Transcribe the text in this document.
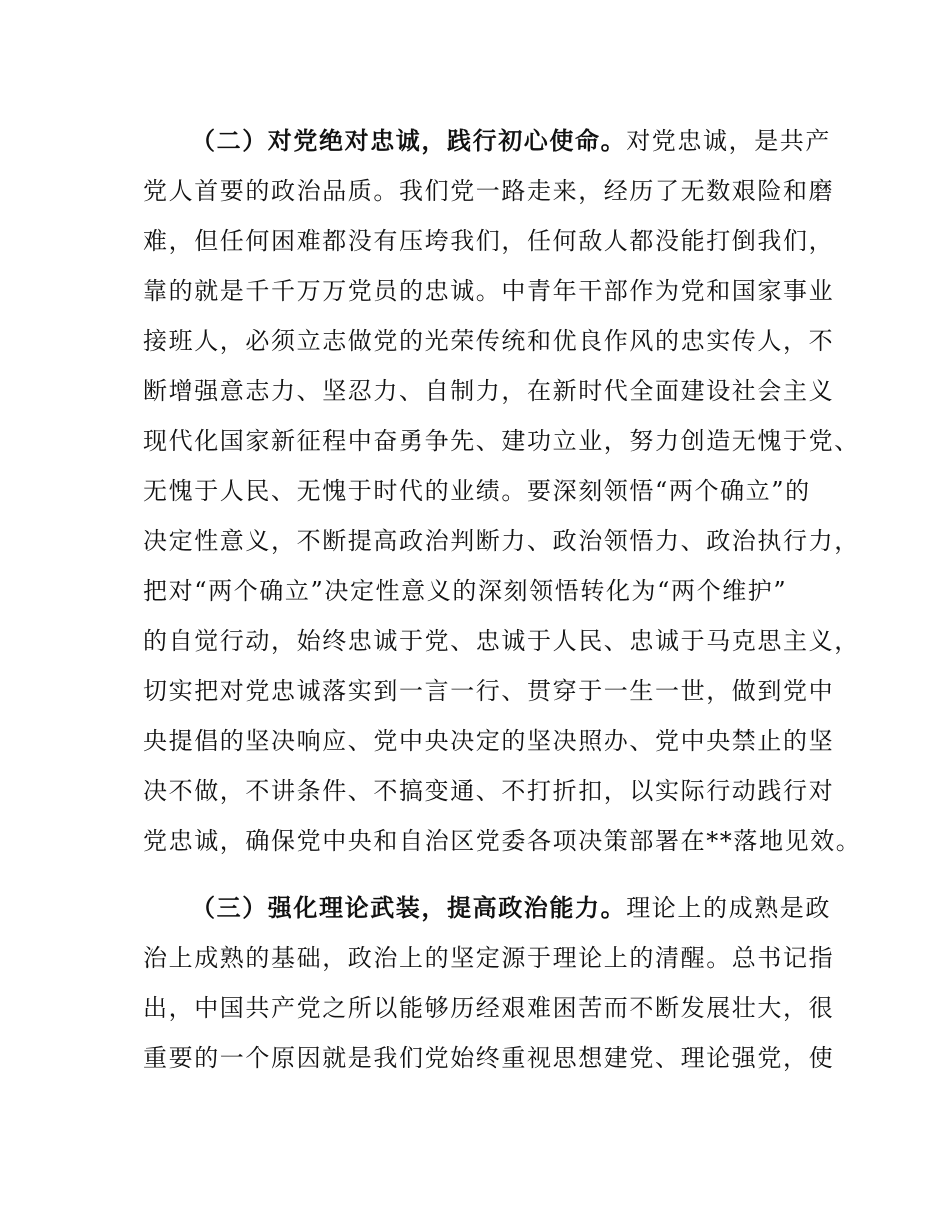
（二）对党绝对忠诚，践行初心使命。对党忠诚，是共产
党人首要的政治品质。我们党一路走来，经历了无数艰险和磨
难，但任何困难都没有压垮我们，任何敌人都没能打倒我们，
靠的就是千千万万党员的忠诚。中青年干部作为党和国家事业
接班人，必须立志做党的光荣传统和优良作风的忠实传人，不
断增强意志力、坚忍力、自制力，在新时代全面建设社会主义
现代化国家新征程中奋勇争先、建功立业，努力创造无愧于党、
无愧于人民、无愧于时代的业绩。要深刻领悟“两个确立”的
决定性意义，不断提高政治判断力、政治领悟力、政治执行力，
把对“两个确立”决定性意义的深刻领悟转化为“两个维护”
的自觉行动，始终忠诚于党、忠诚于人民、忠诚于马克思主义，
切实把对党忠诚落实到一言一行、贯穿于一生一世，做到党中
央提倡的坚决响应、党中央决定的坚决照办、党中央禁止的坚
决不做，不讲条件、不搞变通、不打折扣，以实际行动践行对
党忠诚，确保党中央和自治区党委各项决策部署在**落地见效。
（三）强化理论武装，提高政治能力。理论上的成熟是政
治上成熟的基础，政治上的坚定源于理论上的清醒。总书记指
出，中国共产党之所以能够历经艰难困苦而不断发展壮大，很
重要的一个原因就是我们党始终重视思想建党、理论强党，使
